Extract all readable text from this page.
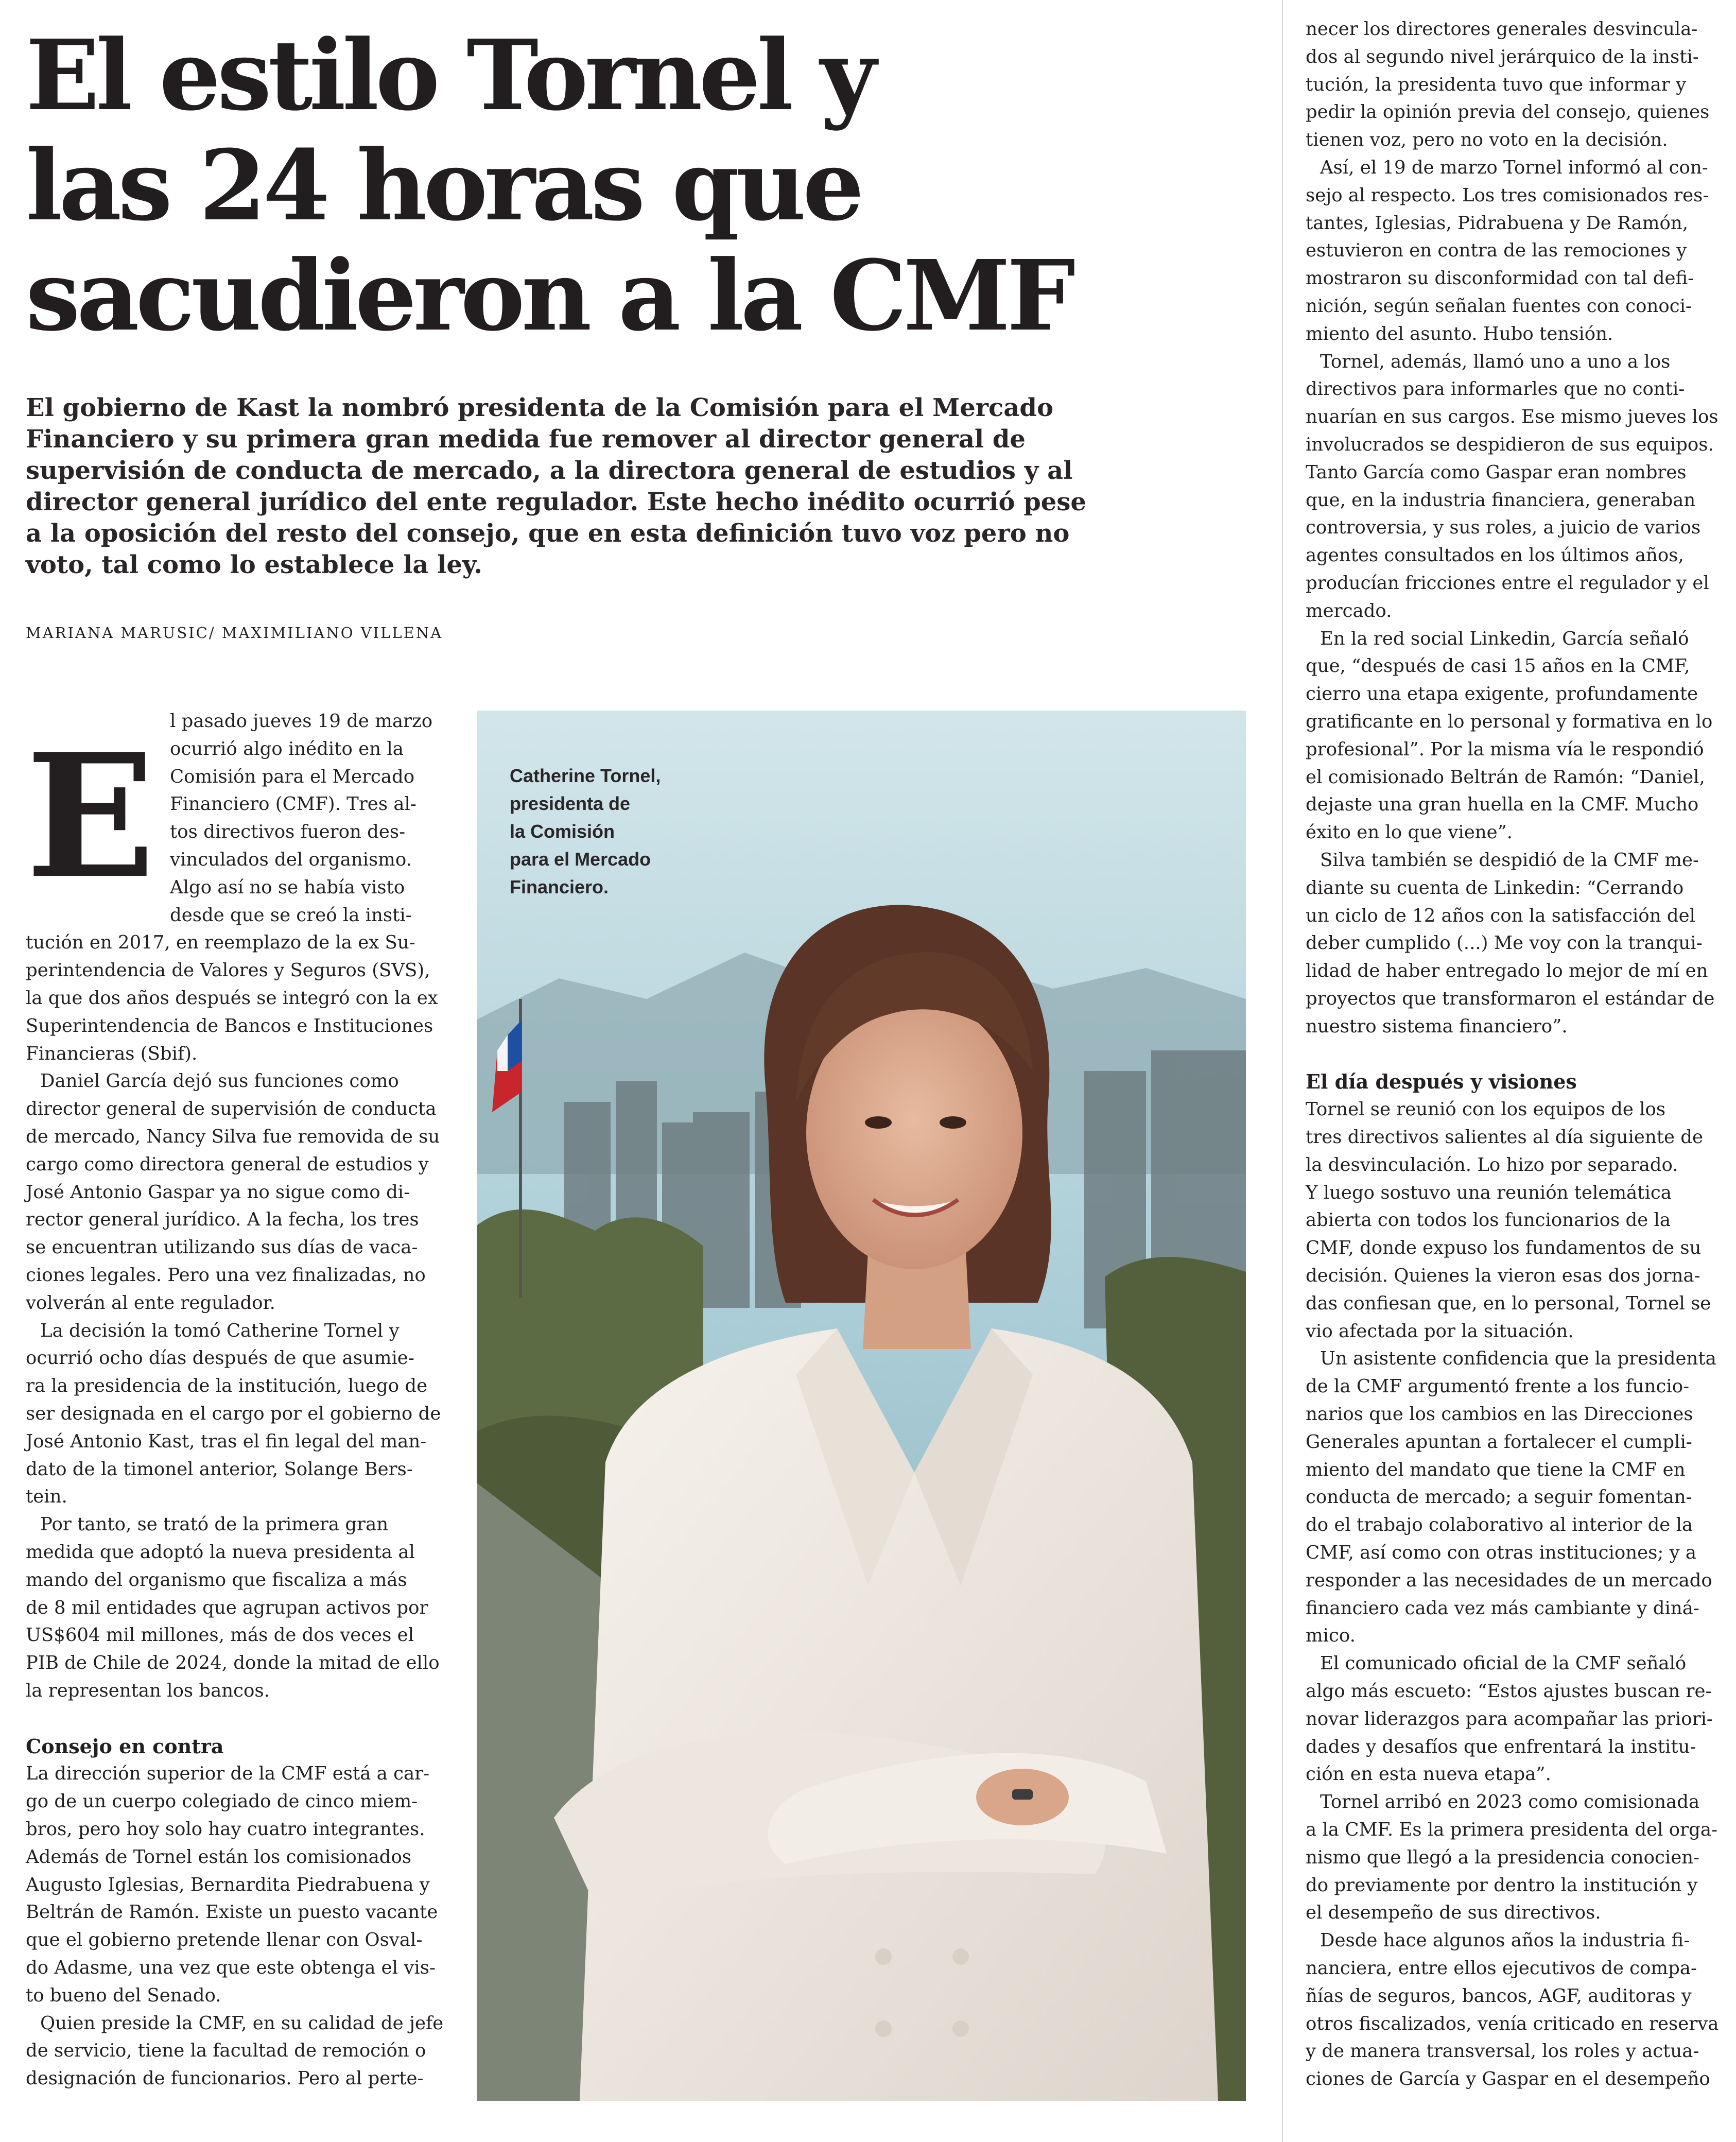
El estilo Tornel y
las 24 horas que
sacudieron a la CMF

El gobierno de Kast la nombró presidenta de la Comisión para el Mercado
Financiero y su primera gran medida fue remover al director general de
supervisión de conducta de mercado, a la directora general de estudios y al
director general jurídico del ente regulador. Este hecho inédito ocurrió pese
a la oposición del resto del consejo, que en esta definición tuvo voz pero no
voto, tal como lo establece la ley.

MARIANA MARUSIC/ MAXIMILIANO VILLENA

E l pasado jueves 19 de marzo
ocurrió algo inédito en la
Comisión para el Mercado
Financiero (CMF). Tres al-
tos directivos fueron des-
vinculados del organismo.
Algo así no se había visto
desde que se creó la insti-

tución en 2017, en reemplazo de la ex Su-
perintendencia de Valores y Seguros (SVS),
la que dos años después se integró con la ex
Superintendencia de Bancos e Instituciones
Financieras (Sbif).

Daniel García dejó sus funciones como
director general de supervisión de conducta
de mercado, Nancy Silva fue removida de su
cargo como directora general de estudios y
José Antonio Gaspar ya no sigue como di-
rector general jurídico. A la fecha, los tres
se encuentran utilizando sus días de vaca-
ciones legales. Pero una vez finalizadas, no
volverán al ente regulador.

La decisión la tomó Catherine Tornel y
ocurrió ocho días después de que asumie-
ra la presidencia de la institución, luego de
ser designada en el cargo por el gobierno de
José Antonio Kast, tras el fin legal del man-
dato de la timonel anterior, Solange Bers-
tein.

Por tanto, se trató de la primera gran
medida que adoptó la nueva presidenta al
mando del organismo que fiscaliza a más
de 8 mil entidades que agrupan activos por
US$604 mil millones, más de dos veces el
PIB de Chile de 2024, donde la mitad de ello
la representan los bancos.

Consejo en contra

La dirección superior de la CMF está a car-
go de un cuerpo colegiado de cinco miem-
bros, pero hoy solo hay cuatro integrantes.
Además de Tornel están los comisionados
Augusto Iglesias, Bernardita Piedrabuena y
Beltrán de Ramón. Existe un puesto vacante
que el gobierno pretende llenar con Osval-
do Adasme, una vez que este obtenga el vis-
to bueno del Senado.

Quien preside la CMF, en su calidad de jefe
de servicio, tiene la facultad de remoción o
designación de funcionarios. Pero al perte-

Catherine Tornel,
presidenta de
la Comisión
para el Mercado
Financiero.

necer los directores generales desvincula-
dos al segundo nivel jerárquico de la insti-
tución, la presidenta tuvo que informar y
pedir la opinión previa del consejo, quienes
tienen voz, pero no voto en la decisión.

Así, el 19 de marzo Tornel informó al con-
sejo al respecto. Los tres comisionados res-
tantes, Iglesias, Pidrabuena y De Ramón,
estuvieron en contra de las remociones y
mostraron su disconformidad con tal defi-
nición, según señalan fuentes con conoci-
miento del asunto. Hubo tensión.

Tornel, además, llamó uno a uno a los
directivos para informarles que no conti-
nuarían en sus cargos. Ese mismo jueves los
involucrados se despidieron de sus equipos.
Tanto García como Gaspar eran nombres
que, en la industria financiera, generaban
controversia, y sus roles, a juicio de varios
agentes consultados en los últimos años,
producían fricciones entre el regulador y el
mercado.

En la red social Linkedin, García señaló
que, “después de casi 15 años en la CMF,
cierro una etapa exigente, profundamente
gratificante en lo personal y formativa en lo
profesional”. Por la misma vía le respondió
el comisionado Beltrán de Ramón: “Daniel,
dejaste una gran huella en la CMF. Mucho
éxito en lo que viene”.

Silva también se despidió de la CMF me-
diante su cuenta de Linkedin: “Cerrando
un ciclo de 12 años con la satisfacción del
deber cumplido (...) Me voy con la tranqui-
lidad de haber entregado lo mejor de mí en
proyectos que transformaron el estándar de
nuestro sistema financiero”.

El día después y visiones

Tornel se reunió con los equipos de los
tres directivos salientes al día siguiente de
la desvinculación. Lo hizo por separado.
Y luego sostuvo una reunión telemática
abierta con todos los funcionarios de la
CMF, donde expuso los fundamentos de su
decisión. Quienes la vieron esas dos jorna-
das confiesan que, en lo personal, Tornel se
vio afectada por la situación.

Un asistente confidencia que la presidenta
de la CMF argumentó frente a los funcio-
narios que los cambios en las Direcciones
Generales apuntan a fortalecer el cumpli-
miento del mandato que tiene la CMF en
conducta de mercado; a seguir fomentan-
do el trabajo colaborativo al interior de la
CMF, así como con otras instituciones; y a
responder a las necesidades de un mercado
financiero cada vez más cambiante y diná-
mico.

El comunicado oficial de la CMF señaló
algo más escueto: “Estos ajustes buscan re-
novar liderazgos para acompañar las priori-
dades y desafíos que enfrentará la institu-
ción en esta nueva etapa”.

Tornel arribó en 2023 como comisionada
a la CMF. Es la primera presidenta del orga-
nismo que llegó a la presidencia conocien-
do previamente por dentro la institución y
el desempeño de sus directivos.

Desde hace algunos años la industria fi-
nanciera, entre ellos ejecutivos de compa-
ñías de seguros, bancos, AGF, auditoras y
otros fiscalizados, venía criticado en reserva
y de manera transversal, los roles y actua-
ciones de García y Gaspar en el desempeño
